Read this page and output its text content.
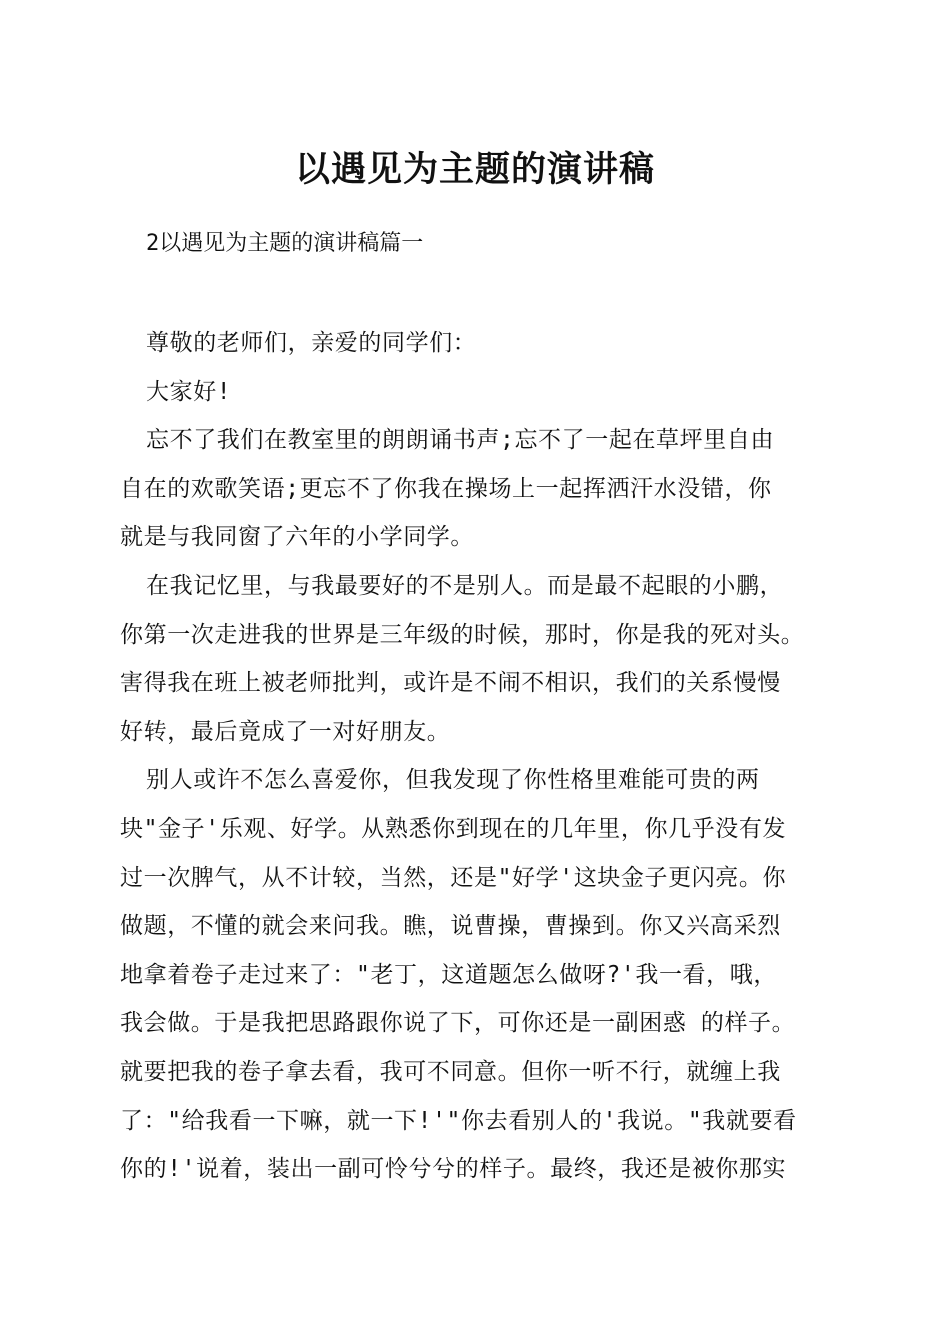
以遇见为主题的演讲稿

2以遇见为主题的演讲稿篇一

尊敬的老师们，亲爱的同学们：
大家好!
忘不了我们在教室里的朗朗诵书声;忘不了一起在草坪里自由
自在的欢歌笑语;更忘不了你我在操场上一起挥洒汗水没错，你
就是与我同窗了六年的小学同学。
在我记忆里，与我最要好的不是别人。而是最不起眼的小鹏，
你第一次走进我的世界是三年级的时候，那时，你是我的死对头。
害得我在班上被老师批判，或许是不闹不相识，我们的关系慢慢
好转，最后竟成了一对好朋友。
别人或许不怎么喜爱你，但我发现了你性格里难能可贵的两
块"金子'乐观、好学。从熟悉你到现在的几年里，你几乎没有发
过一次脾气，从不计较，当然，还是"好学'这块金子更闪亮。你
做题，不懂的就会来问我。瞧，说曹操，曹操到。你又兴高采烈
地拿着卷子走过来了："老丁，这道题怎么做呀?'我一看，哦，
我会做。于是我把思路跟你说了下，可你还是一副困惑 的样子。
就要把我的卷子拿去看，我可不同意。但你一听不行，就缠上我
了："给我看一下嘛，就一下!'"你去看别人的'我说。"我就要看
你的!'说着，装出一副可怜兮兮的样子。最终，我还是被你那实
